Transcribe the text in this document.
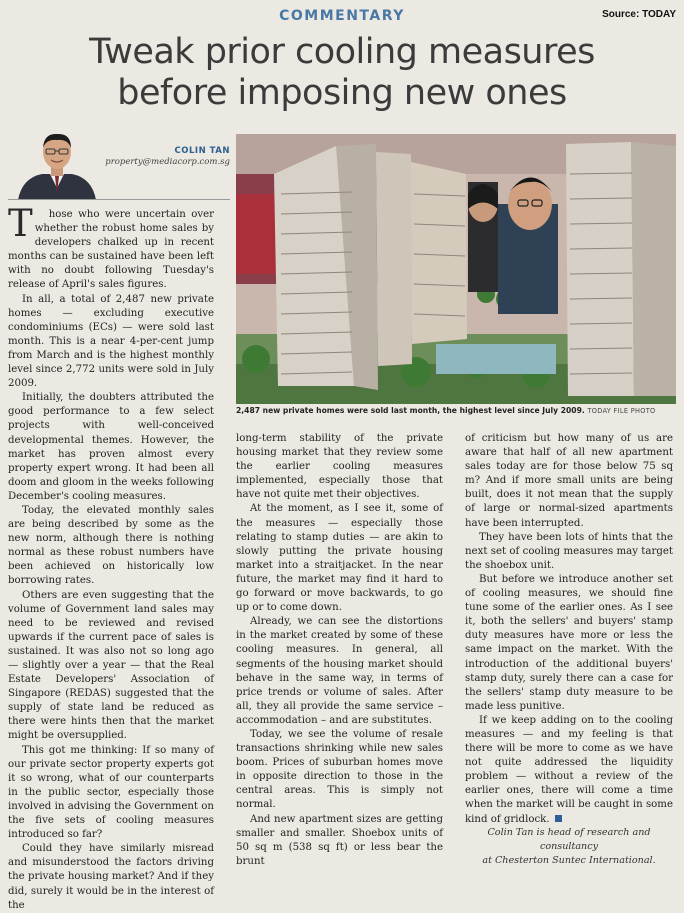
COMMENTARY	Source: TODAY
Tweak prior cooling measures
before imposing new ones
COLIN TAN
property@mediacorp.com.sg
2,487 new private homes were sold last month, the highest level since July 2009. TODAY FILE PHOTO

T hose who were uncertain over whether the robust home sales by developers chalked up in recent months can be sustained have been left with no doubt following Tuesday's release of April's sales figures.

In all, a total of 2,487 new private homes — excluding executive condominiums (ECs) — were sold last month. This is a near 4-per-cent jump from March and is the highest monthly level since 2,772 units were sold in July 2009.

Initially, the doubters attributed the good performance to a few select projects with well-conceived developmental themes. However, the market has proven almost every property expert wrong. It had been all doom and gloom in the weeks following December's cooling measures.

Today, the elevated monthly sales are being described by some as the new norm, although there is nothing normal as these robust numbers have been achieved on historically low borrowing rates.

Others are even suggesting that the volume of Government land sales may need to be reviewed and revised upwards if the current pace of sales is sustained. It was also not so long ago — slightly over a year — that the Real Estate Developers' Association of Singapore (REDAS) suggested that the supply of state land be reduced as there were hints then that the market might be oversupplied.

This got me thinking: If so many of our private sector property experts got it so wrong, what of our counterparts in the public sector, especially those involved in advising the Government on the five sets of cooling measures introduced so far?

Could they have similarly misread and misunderstood the factors driving the private housing market? And if they did, surely it would be in the interest of the

long-term stability of the private housing market that they review some the earlier cooling measures implemented, especially those that have not quite met their objectives.

At the moment, as I see it, some of the measures — especially those relating to stamp duties — are akin to slowly putting the private housing market into a straitjacket. In the near future, the market may find it hard to go forward or move backwards, to go up or to come down.

Already, we can see the distortions in the market created by some of these cooling measures. In general, all segments of the housing market should behave in the same way, in terms of price trends or volume of sales. After all, they all provide the same service – accommodation – and are substitutes.

Today, we see the volume of resale transactions shrinking while new sales boom. Prices of suburban homes move in opposite direction to those in the central areas. This is simply not normal.

And new apartment sizes are getting smaller and smaller. Shoebox units of 50 sq m (538 sq ft) or less bear the brunt

of criticism but how many of us are aware that half of all new apartment sales today are for those below 75 sq m? And if more small units are being built, does it not mean that the supply of large or normal-sized apartments have been interrupted.

They have been lots of hints that the next set of cooling measures may target the shoebox unit.

But before we introduce another set of cooling measures, we should fine tune some of the earlier ones. As I see it, both the sellers' and buyers' stamp duty measures have more or less the same impact on the market. With the introduction of the additional buyers' stamp duty, surely there can a case for the sellers' stamp duty measure to be made less punitive.

If we keep adding on to the cooling measures — and my feeling is that there will be more to come as we have not quite addressed the liquidity problem — without a review of the earlier ones, there will come a time when the market will be caught in some kind of gridlock.

Colin Tan is head of research and consultancy
at Chesterton Suntec International.
